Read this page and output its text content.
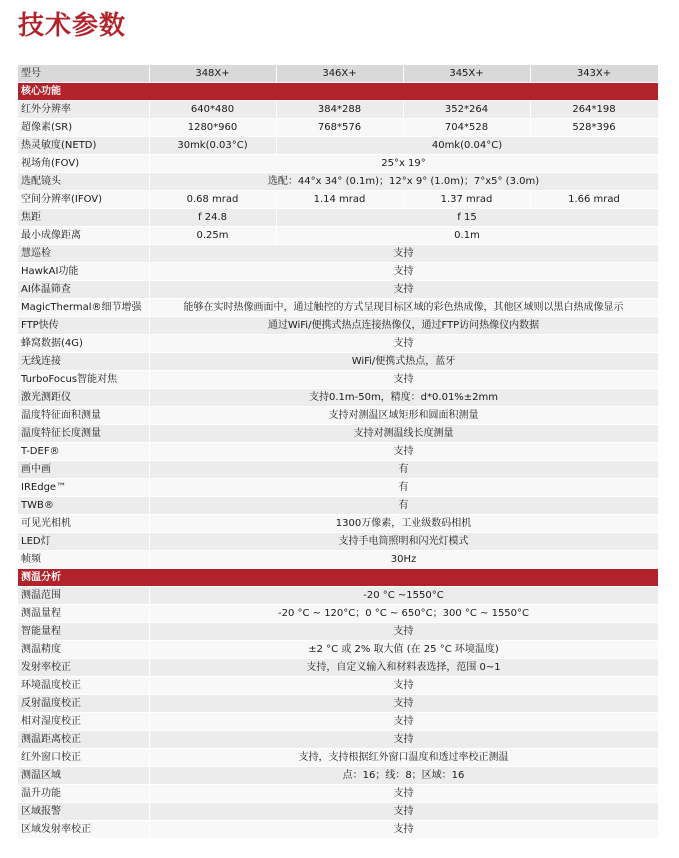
技术参数
型号	348X+	346X+	345X+	343X+
核心功能				
红外分辨率	640*480	384*288	352*264	264*198
超像素(SR)	1280*960	768*576	704*528	528*396
热灵敏度(NETD)	30mk(0.03°C)	40mk(0.04°C)		
视场角(FOV)	25°x 19°			
选配镜头	选配：44°x 34° (0.1m)；12°x 9° (1.0m)；7°x5° (3.0m)			
空间分辨率(IFOV)	0.68 mrad	1.14 mrad	1.37 mrad	1.66 mrad
焦距	f 24.8	f 15		
最小成像距离	0.25m	0.1m		
慧巡检	支持			
HawkAI功能	支持			
AI体温筛查	支持			
MagicThermal®细节增强	能够在实时热像画面中，通过触控的方式呈现目标区域的彩色热成像，其他区域则以黑白热成像显示			
FTP快传	通过WiFi/便携式热点连接热像仪，通过FTP访问热像仪内数据			
蜂窝数据(4G)	支持			
无线连接	WiFi/便携式热点，蓝牙			
TurboFocus智能对焦	支持			
激光测距仪	支持0.1m-50m，精度：d*0.01%±2mm			
温度特征面积测量	支持对测温区域矩形和圆面积测量			
温度特征长度测量	支持对测温线长度测量			
T-DEF®	支持			
画中画	有			
IREdge™	有			
TWB®	有			
可见光相机	1300万像素，工业级数码相机			
LED灯	支持手电筒照明和闪光灯模式			
帧频	30Hz			
测温分析				
测温范围	-20 °C ~1550°C			
测温量程	-20 °C ~ 120°C；0 °C ~ 650°C；300 °C ~ 1550°C			
智能量程	支持			
测温精度	±2 °C 或 2% 取大值 (在 25 °C 环境温度)			
发射率校正	支持，自定义输入和材料表选择，范围 0~1			
环境温度校正	支持			
反射温度校正	支持			
相对湿度校正	支持			
测温距离校正	支持			
红外窗口校正	支持，支持根据红外窗口温度和透过率校正测温			
测温区域	点：16；线：8；区域：16			
温升功能	支持			
区域报警	支持			
区域发射率校正	支持			
